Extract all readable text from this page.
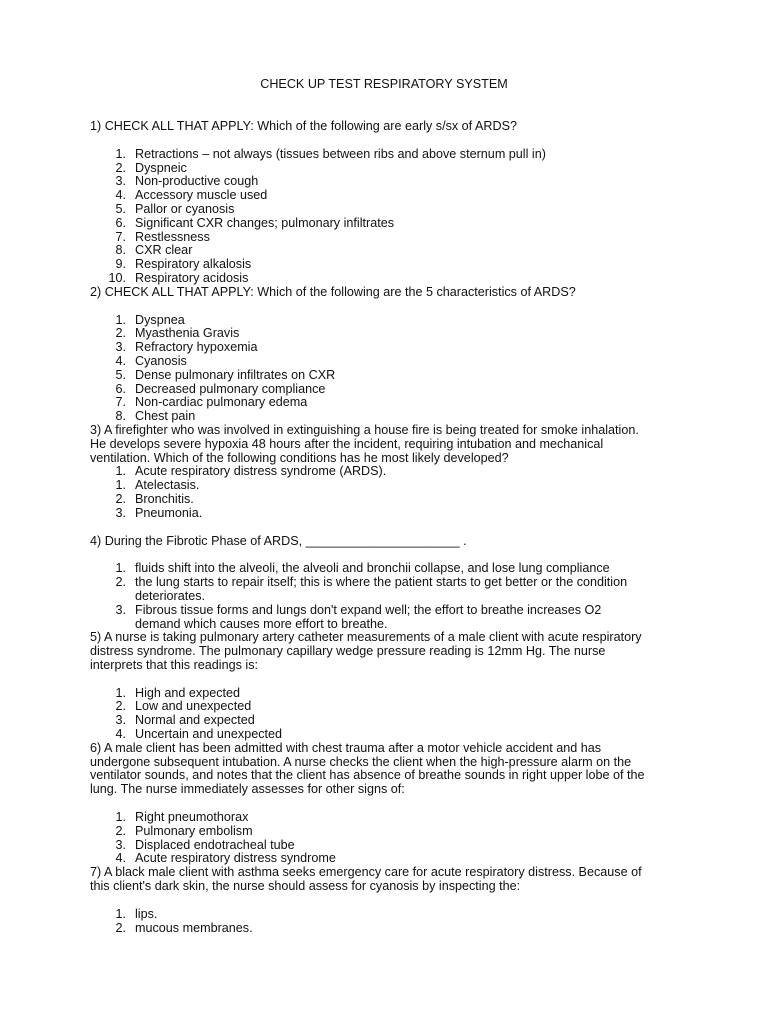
CHECK UP TEST RESPIRATORY SYSTEM

1) CHECK ALL THAT APPLY: Which of the following are early s/sx of ARDS?

1. Retractions – not always (tissues between ribs and above sternum pull in)
2. Dyspneic
3. Non-productive cough
4. Accessory muscle used
5. Pallor or cyanosis
6. Significant CXR changes; pulmonary infiltrates
7. Restlessness
8. CXR clear
9. Respiratory alkalosis
10. Respiratory acidosis

2) CHECK ALL THAT APPLY: Which of the following are the 5 characteristics of ARDS?

1. Dyspnea
2. Myasthenia Gravis
3. Refractory hypoxemia
4. Cyanosis
5. Dense pulmonary infiltrates on CXR
6. Decreased pulmonary compliance
7. Non-cardiac pulmonary edema
8. Chest pain

3) A firefighter who was involved in extinguishing a house fire is being treated for smoke inhalation. He develops severe hypoxia 48 hours after the incident, requiring intubation and mechanical ventilation. Which of the following conditions has he most likely developed?

1. Acute respiratory distress syndrome (ARDS).
1. Atelectasis.
2. Bronchitis.
3. Pneumonia.

4) During the Fibrotic Phase of ARDS, ______________________ .

1. fluids shift into the alveoli, the alveoli and bronchii collapse, and lose lung compliance
2. the lung starts to repair itself; this is where the patient starts to get better or the condition deteriorates.
3. Fibrous tissue forms and lungs don't expand well; the effort to breathe increases O2 demand which causes more effort to breathe.

5) A nurse is taking pulmonary artery catheter measurements of a male client with acute respiratory distress syndrome. The pulmonary capillary wedge pressure reading is 12mm Hg. The nurse interprets that this readings is:

1. High and expected
2. Low and unexpected
3. Normal and expected
4. Uncertain and unexpected

6) A male client has been admitted with chest trauma after a motor vehicle accident and has undergone subsequent intubation. A nurse checks the client when the high-pressure alarm on the ventilator sounds, and notes that the client has absence of breathe sounds in right upper lobe of the lung. The nurse immediately assesses for other signs of:

1. Right pneumothorax
2. Pulmonary embolism
3. Displaced endotracheal tube
4. Acute respiratory distress syndrome

7) A black male client with asthma seeks emergency care for acute respiratory distress. Because of this client's dark skin, the nurse should assess for cyanosis by inspecting the:

1. lips.
2. mucous membranes.
